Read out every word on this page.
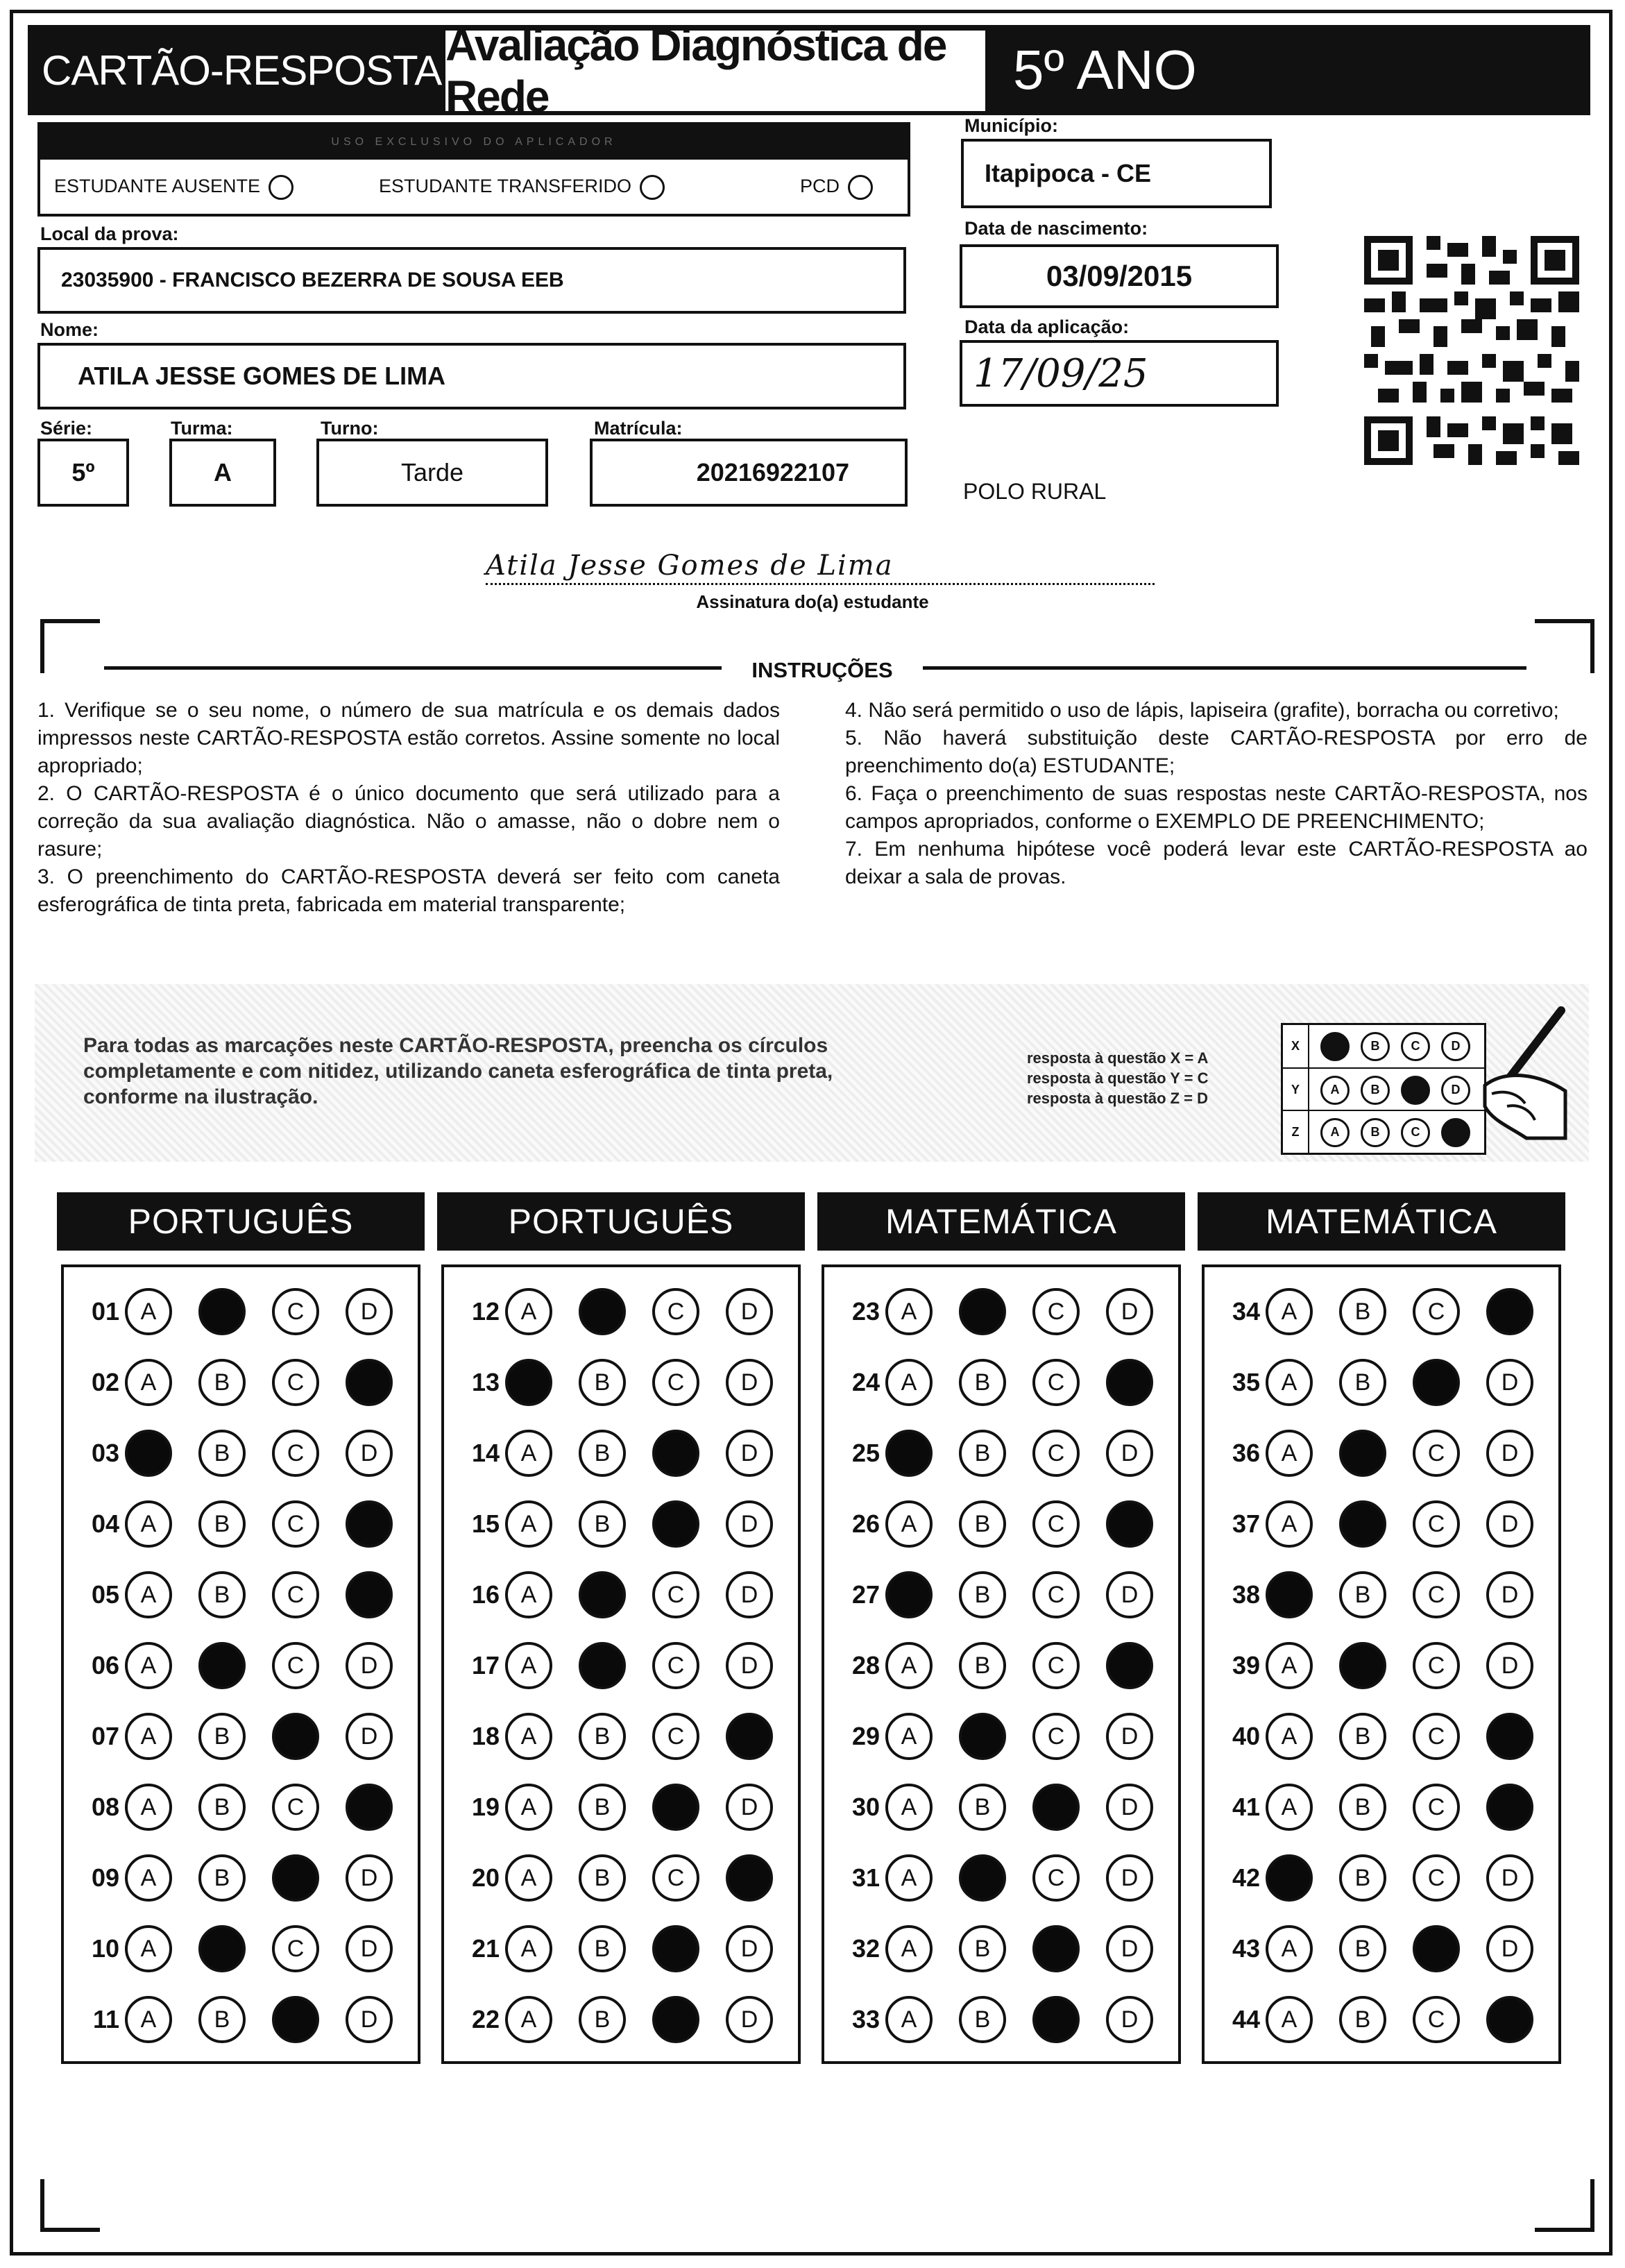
CARTÃO-RESPOSTA Avaliação Diagnóstica de Rede	5º ANO
USO EXCLUSIVO DO APLICADOR
ESTUDANTE AUSENTE	ESTUDANTE TRANSFERIDO	PCD
Município:
Itapipoca - CE
Local da prova:
23035900 - FRANCISCO BEZERRA DE SOUSA EEB
Data de nascimento:
03/09/2015
Data da aplicação:
17/09/25
Nome:
ATILA JESSE GOMES DE LIMA
Série:
5º
Turma:
A
Turno:
Tarde
Matrícula:
20216922107
POLO RURAL
Atila Jesse Gomes de Lima
Assinatura do(a) estudante
INSTRUÇÕES

1. Verifique se o seu nome, o número de sua matrícula e os demais dados impressos neste CARTÃO-RESPOSTA estão corretos. Assine somente no local apropriado;

2. O CARTÃO-RESPOSTA é o único documento que será utilizado para a correção da sua avaliação diagnóstica. Não o amasse, não o dobre nem o rasure;

3. O preenchimento do CARTÃO-RESPOSTA deverá ser feito com caneta esferográfica de tinta preta, fabricada em material transparente;

4. Não será permitido o uso de lápis, lapiseira (grafite), borracha ou corretivo;

5. Não haverá substituição deste CARTÃO-RESPOSTA por erro de preenchimento do(a) ESTUDANTE;

6. Faça o preenchimento de suas respostas neste CARTÃO-RESPOSTA, nos campos apropriados, conforme o EXEMPLO DE PREENCHIMENTO;

7. Em nenhuma hipótese você poderá levar este CARTÃO-RESPOSTA ao deixar a sala de provas.

Para todas as marcações neste CARTÃO-RESPOSTA, preencha os círculos completamente e com nitidez, utilizando caneta esferográfica de tinta preta, conforme na ilustração.
resposta à questão X = A
resposta à questão Y = C
resposta à questão Z = D
X	A	B	C	D
Y	A	B	C	D
Z	A	B	C	D
PORTUGUÊS
01 A	B	C	D
02 A	B	C	D
03 A	B	C	D
04 A	B	C	D
05 A	B	C	D
06 A	B	C	D
07 A	B	C	D
08 A	B	C	D
09 A	B	C	D
10 A	B	C	D
11 A	B	C	D
PORTUGUÊS
12 A	B	C	D
13 A	B	C	D
14 A	B	C	D
15 A	B	C	D
16 A	B	C	D
17 A	B	C	D
18 A	B	C	D
19 A	B	C	D
20 A	B	C	D
21 A	B	C	D
22 A	B	C	D
MATEMÁTICA
23 A	B	C	D
24 A	B	C	D
25 A	B	C	D
26 A	B	C	D
27 A	B	C	D
28 A	B	C	D
29 A	B	C	D
30 A	B	C	D
31 A	B	C	D
32 A	B	C	D
33 A	B	C	D
MATEMÁTICA
34 A	B	C	D
35 A	B	C	D
36 A	B	C	D
37 A	B	C	D
38 A	B	C	D
39 A	B	C	D
40 A	B	C	D
41 A	B	C	D
42 A	B	C	D
43 A	B	C	D
44 A	B	C	D
